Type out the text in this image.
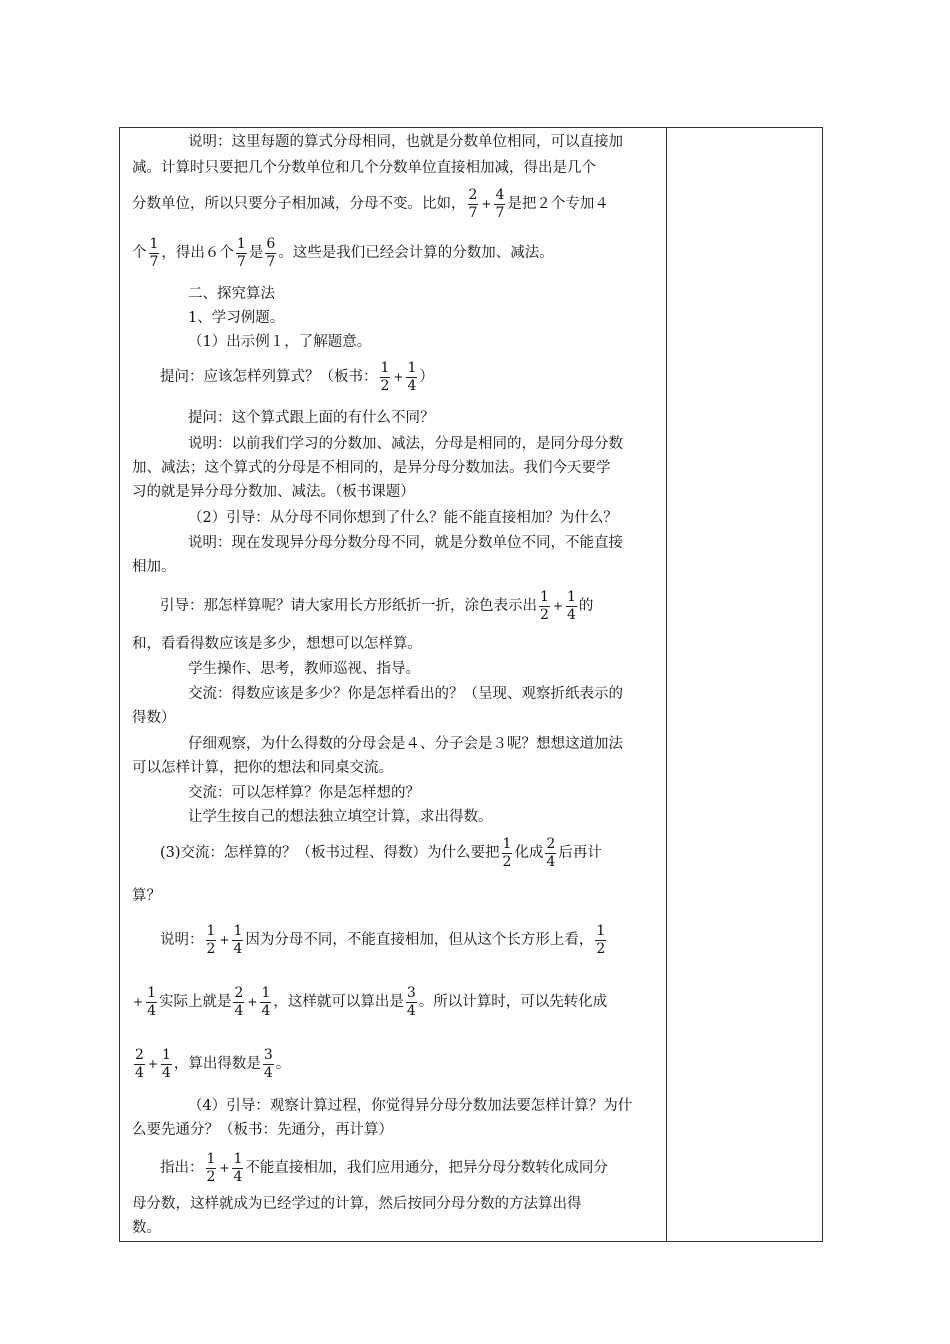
说明：这里每题的算式分母相同，也就是分数单位相同，可以直接加
减。计算时只要把几个分数单位和几个分数单位直接相加减，得出是几个
分数单位，所以只要分子相加减，分母不变。比如， $\frac{2}{7} + \frac{4}{7}$ 是把２个专加４
个 $\frac{1}{7}$ ，得出６个 $\frac{1}{7}$ 是 $\frac{6}{7}$ 。这些是我们已经会计算的分数加、减法。
二、探究算法
1、学习例题。
（1）出示例１，了解题意。
提问：应该怎样列算式？（板书： $\frac{1}{2} + \frac{1}{4}$ ）
提问：这个算式跟上面的有什么不同？
说明：以前我们学习的分数加、减法，分母是相同的，是同分母分数
加、减法；这个算式的分母是不相同的，是异分母分数加法。我们今天要学
习的就是异分母分数加、减法。（板书课题）
（2）引导：从分母不同你想到了什么？能不能直接相加？为什么？
说明：现在发现异分母分数分母不同，就是分数单位不同，不能直接
相加。
引导：那怎样算呢？请大家用长方形纸折一折，涂色表示出 $\frac{1}{2} + \frac{1}{4}$ 的
和，看看得数应该是多少，想想可以怎样算。
学生操作、思考，教师巡视、指导。
交流：得数应该是多少？你是怎样看出的？（呈现、观察折纸表示的
得数）
仔细观察，为什么得数的分母会是４、分子会是３呢？想想这道加法
可以怎样计算，把你的想法和同桌交流。
交流：可以怎样算？你是怎样想的？
让学生按自己的想法独立填空计算，求出得数。
(3)交流：怎样算的？（板书过程、得数）为什么要把 $\frac{1}{2}$ 化成 $\frac{2}{4}$ 后再计
算？
说明： $\frac{1}{2} + \frac{1}{4}$ 因为分母不同，不能直接相加，但从这个长方形上看， $\frac{1}{2}$
+ $\frac{1}{4}$ 实际上就是 $\frac{2}{4} + \frac{1}{4}$ ，这样就可以算出是 $\frac{3}{4}$ 。所以计算时，可以先转化成
$\frac{2}{4} + \frac{1}{4}$ ，算出得数是 $\frac{3}{4}$ 。
（4）引导：观察计算过程，你觉得异分母分数加法要怎样计算？为什
么要先通分？（板书：先通分，再计算）
指出： $\frac{1}{2} + \frac{1}{4}$ 不能直接相加，我们应用通分，把异分母分数转化成同分
母分数，这样就成为已经学过的计算，然后按同分母分数的方法算出得
数。
